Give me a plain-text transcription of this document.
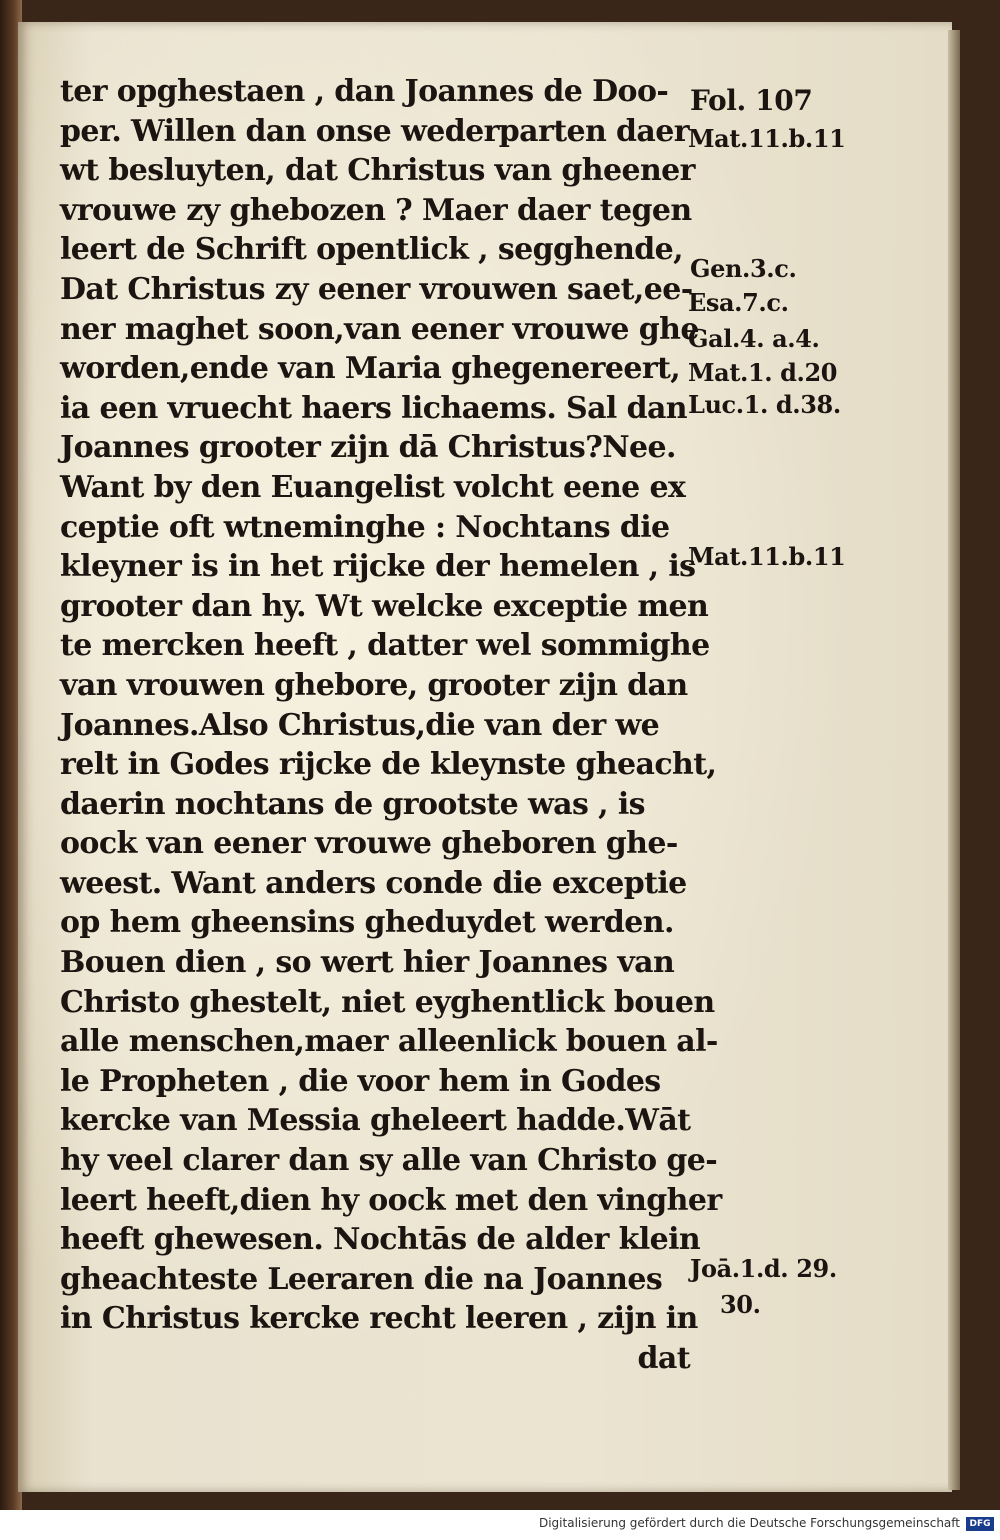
Fol. 107
ter opghestaen , dan Joannes de Doo-
per. Willen dan onse wederparten daer
wt besluyten, dat Christus van gheener
vrouwe zy ghebozen ? Maer daer tegen
leert de Schrift opentlick , segghende,
Dat Christus zy eener vrouwen saet,ee-
ner maghet soon,van eener vrouwe ghe
worden,ende van Maria ghegenereert,
ia een vruecht haers lichaems. Sal dan
Joannes grooter zijn dā Christus?Nee.
Want by den Euangelist volcht eene ex
ceptie oft wtneminghe : Nochtans die
kleyner is in het rijcke der hemelen , is
grooter dan hy. Wt welcke exceptie men
te mercken heeft , datter wel sommighe
van vrouwen ghebore, grooter zijn dan
Joannes.Also Christus,die van der we
relt in Godes rijcke de kleynste gheacht,
daerin nochtans de grootste was , is
oock van eener vrouwe gheboren ghe-
weest. Want anders conde die exceptie
op hem gheensins gheduydet werden.
Bouen dien , so wert hier Joannes van
Christo ghestelt, niet eyghentlick bouen
alle menschen,maer alleenlick bouen al-
le Propheten , die voor hem in Godes
kercke van Messia gheleert hadde.Wāt
hy veel clarer dan sy alle van Christo ge-
leert heeft,dien hy oock met den vingher
heeft ghewesen. Nochtās de alder klein
gheachteste Leeraren die na Joannes
in Christus kercke recht leeren , zijn in
dat
Mat.11.b.11
Gen.3.c.
Esa.7.c.
Gal.4. a.4.
Mat.1. d.20
Luc.1. d.38.
Mat.11.b.11
Joā.1.d. 29.
30.
Digitalisierung gefördert durch die Deutsche Forschungsgemeinschaft	DFG
